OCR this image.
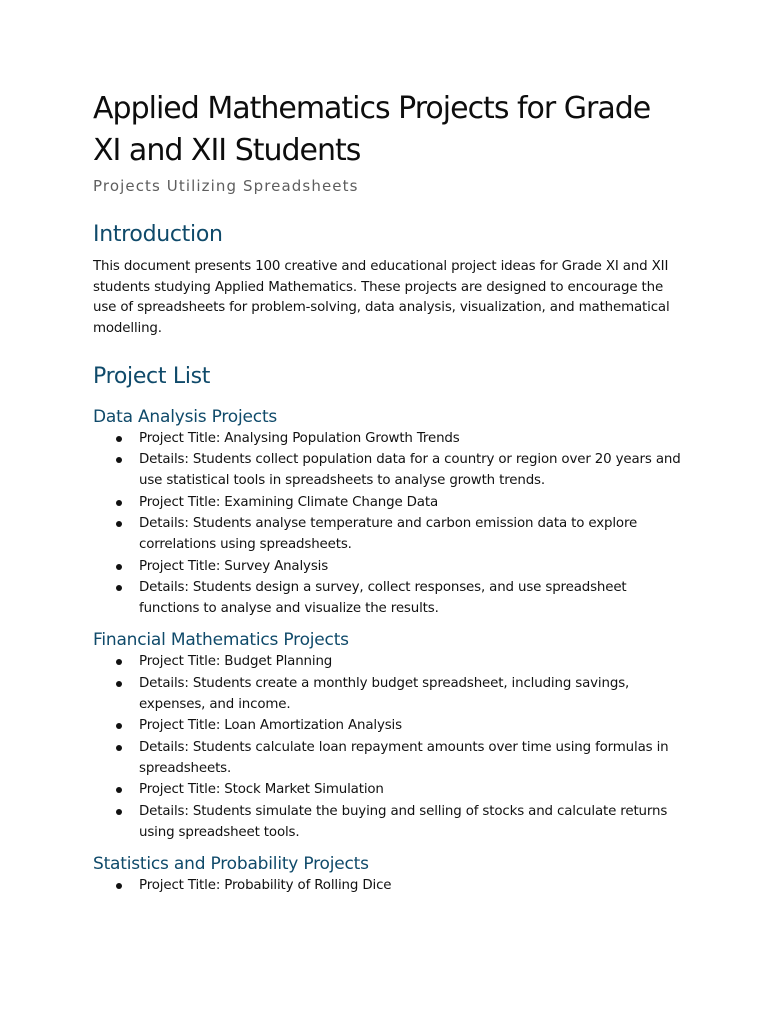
Applied Mathematics Projects for Grade XI and XII Students
Projects Utilizing Spreadsheets
Introduction

This document presents 100 creative and educational project ideas for Grade XI and XII students studying Applied Mathematics. These projects are designed to encourage the use of spreadsheets for problem-solving, data analysis, visualization, and mathematical modelling.

Project List
Data Analysis Projects
Project Title: Analysing Population Growth Trends
Details: Students collect population data for a country or region over 20 years and use statistical tools in spreadsheets to analyse growth trends.
Project Title: Examining Climate Change Data
Details: Students analyse temperature and carbon emission data to explore correlations using spreadsheets.
Project Title: Survey Analysis
Details: Students design a survey, collect responses, and use spreadsheet functions to analyse and visualize the results.
Financial Mathematics Projects
Project Title: Budget Planning
Details: Students create a monthly budget spreadsheet, including savings, expenses, and income.
Project Title: Loan Amortization Analysis
Details: Students calculate loan repayment amounts over time using formulas in spreadsheets.
Project Title: Stock Market Simulation
Details: Students simulate the buying and selling of stocks and calculate returns using spreadsheet tools.
Statistics and Probability Projects
Project Title: Probability of Rolling Dice
